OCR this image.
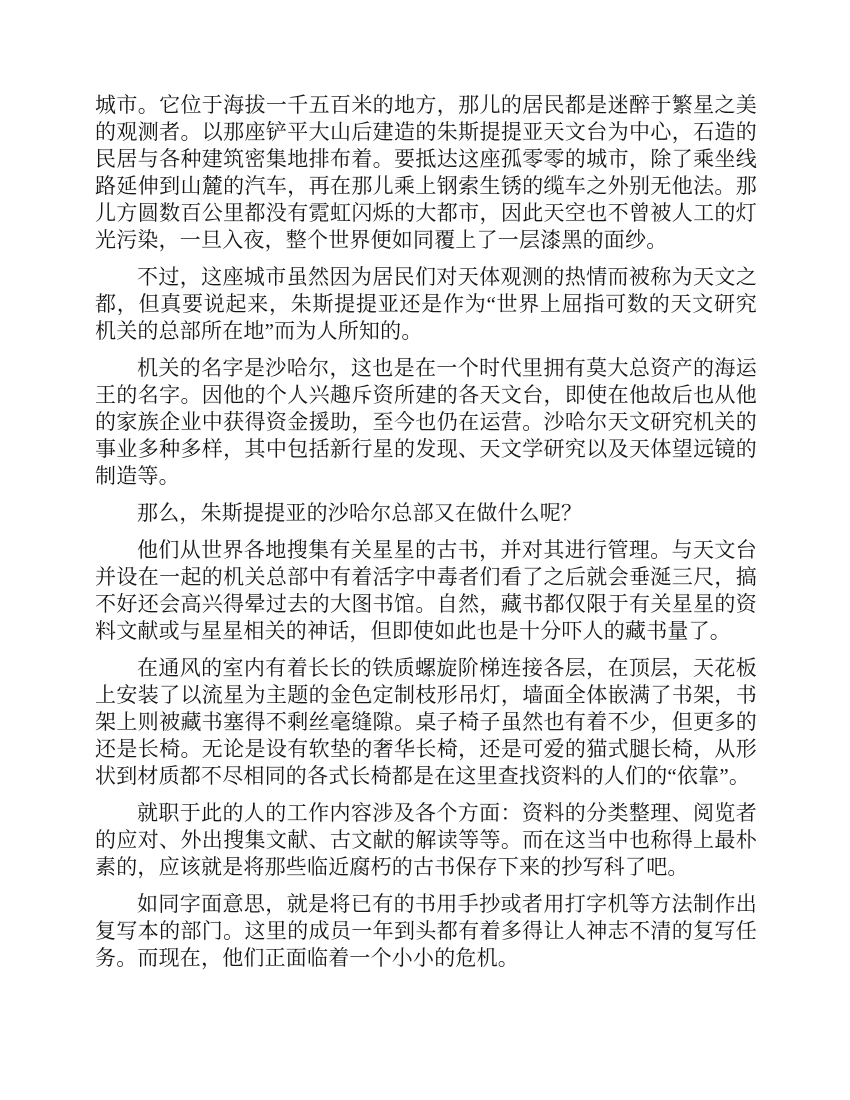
城市。它位于海拔一千五百米的地方，那儿的居民都是迷醉于繁星之美的观测者。以那座铲平大山后建造的朱斯提提亚天文台为中心，石造的民居与各种建筑密集地排布着。要抵达这座孤零零的城市，除了乘坐线路延伸到山麓的汽车，再在那儿乘上钢索生锈的缆车之外别无他法。那儿方圆数百公里都没有霓虹闪烁的大都市，因此天空也不曾被人工的灯光污染，一旦入夜，整个世界便如同覆上了一层漆黑的面纱。

不过，这座城市虽然因为居民们对天体观测的热情而被称为天文之都，但真要说起来，朱斯提提亚还是作为“世界上屈指可数的天文研究机关的总部所在地”而为人所知的。

机关的名字是沙哈尔，这也是在一个时代里拥有莫大总资产的海运王的名字。因他的个人兴趣斥资所建的各天文台，即使在他故后也从他的家族企业中获得资金援助，至今也仍在运营。沙哈尔天文研究机关的事业多种多样，其中包括新行星的发现、天文学研究以及天体望远镜的制造等。

那么，朱斯提提亚的沙哈尔总部又在做什么呢？

他们从世界各地搜集有关星星的古书，并对其进行管理。与天文台并设在一起的机关总部中有着活字中毒者们看了之后就会垂涎三尺，搞不好还会高兴得晕过去的大图书馆。自然，藏书都仅限于有关星星的资料文献或与星星相关的神话，但即使如此也是十分吓人的藏书量了。

在通风的室内有着长长的铁质螺旋阶梯连接各层，在顶层，天花板上安装了以流星为主题的金色定制枝形吊灯，墙面全体嵌满了书架，书架上则被藏书塞得不剩丝毫缝隙。桌子椅子虽然也有着不少，但更多的还是长椅。无论是设有软垫的奢华长椅，还是可爱的猫式腿长椅，从形状到材质都不尽相同的各式长椅都是在这里查找资料的人们的“依靠”。

就职于此的人的工作内容涉及各个方面：资料的分类整理、阅览者的应对、外出搜集文献、古文献的解读等等。而在这当中也称得上最朴素的，应该就是将那些临近腐朽的古书保存下来的抄写科了吧。

如同字面意思，就是将已有的书用手抄或者用打字机等方法制作出复写本的部门。这里的成员一年到头都有着多得让人神志不清的复写任务。而现在，他们正面临着一个小小的危机。
